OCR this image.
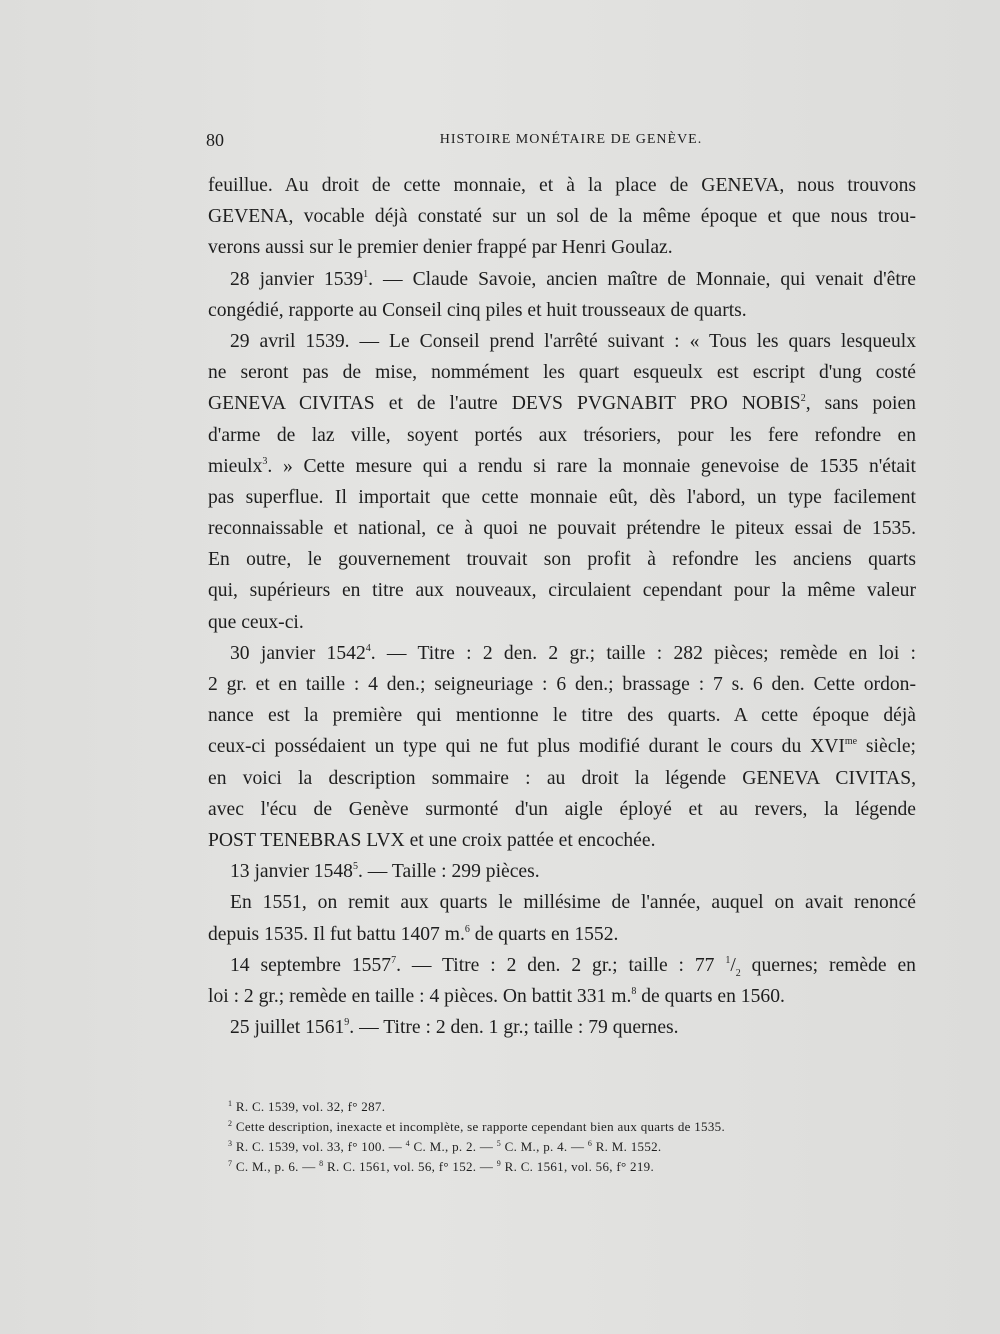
80	HISTOIRE MONÉTAIRE DE GENÈVE.
feuillue. Au droit de cette monnaie, et à la place de GENEVA, nous trouvons
GEVENA, vocable déjà constaté sur un sol de la même époque et que nous trou-
verons aussi sur le premier denier frappé par Henri Goulaz.
28 janvier 1539$^1$. — Claude Savoie, ancien maître de Monnaie, qui venait d'être
congédié, rapporte au Conseil cinq piles et huit trousseaux de quarts.
29 avril 1539. — Le Conseil prend l'arrêté suivant : « Tous les quars lesqueulx
ne seront pas de mise, nommément les quart esqueulx est escript d'ung costé
GENEVA CIVITAS et de l'autre DEVS PVGNABIT PRO NOBIS$^2$, sans poien
d'arme de laz ville, soyent portés aux trésoriers, pour les fere refondre en
mieulx$^3$. » Cette mesure qui a rendu si rare la monnaie genevoise de 1535 n'était
pas superflue. Il importait que cette monnaie eût, dès l'abord, un type facilement
reconnaissable et national, ce à quoi ne pouvait prétendre le piteux essai de 1535.
En outre, le gouvernement trouvait son profit à refondre les anciens quarts
qui, supérieurs en titre aux nouveaux, circulaient cependant pour la même valeur
que ceux-ci.
30 janvier 1542$^4$. — Titre : 2 den. 2 gr.; taille : 282 pièces; remède en loi :
2 gr. et en taille : 4 den.; seigneuriage : 6 den.; brassage : 7 s. 6 den. Cette ordon-
nance est la première qui mentionne le titre des quarts. A cette époque déjà
ceux-ci possédaient un type qui ne fut plus modifié durant le cours du $XVI^{me}$ siècle;
en voici la description sommaire : au droit la légende GENEVA CIVITAS,
avec l'écu de Genève surmonté d'un aigle éployé et au revers, la légende
POST TENEBRAS LVX et une croix pattée et encochée.
13 janvier 1548$^5$. — Taille : 299 pièces.
En 1551, on remit aux quarts le millésime de l'année, auquel on avait renoncé
depuis 1535. Il fut battu 1407 m.$^6$ de quarts en 1552.
14 septembre 1557$^7$. — Titre : 2 den. 2 gr.; taille : 77 $^1/_2$ quernes; remède en
loi : 2 gr.; remède en taille : 4 pièces. On battit 331 m.$^8$ de quarts en 1560.
25 juillet 1561$^9$. — Titre : 2 den. 1 gr.; taille : 79 quernes.
$^1$ R. C. 1539, vol. 32, f° 287.
$^2$ Cette description, inexacte et incomplète, se rapporte cependant bien aux quarts de 1535.
$^3$ R. C. 1539, vol. 33, f° 100. — $^4$ C. M., p. 2. — $^5$ C. M., p. 4. — $^6$ R. M. 1552.
$^7$ C. M., p. 6. — $^8$ R. C. 1561, vol. 56, f° 152. — $^9$ R. C. 1561, vol. 56, f° 219.
